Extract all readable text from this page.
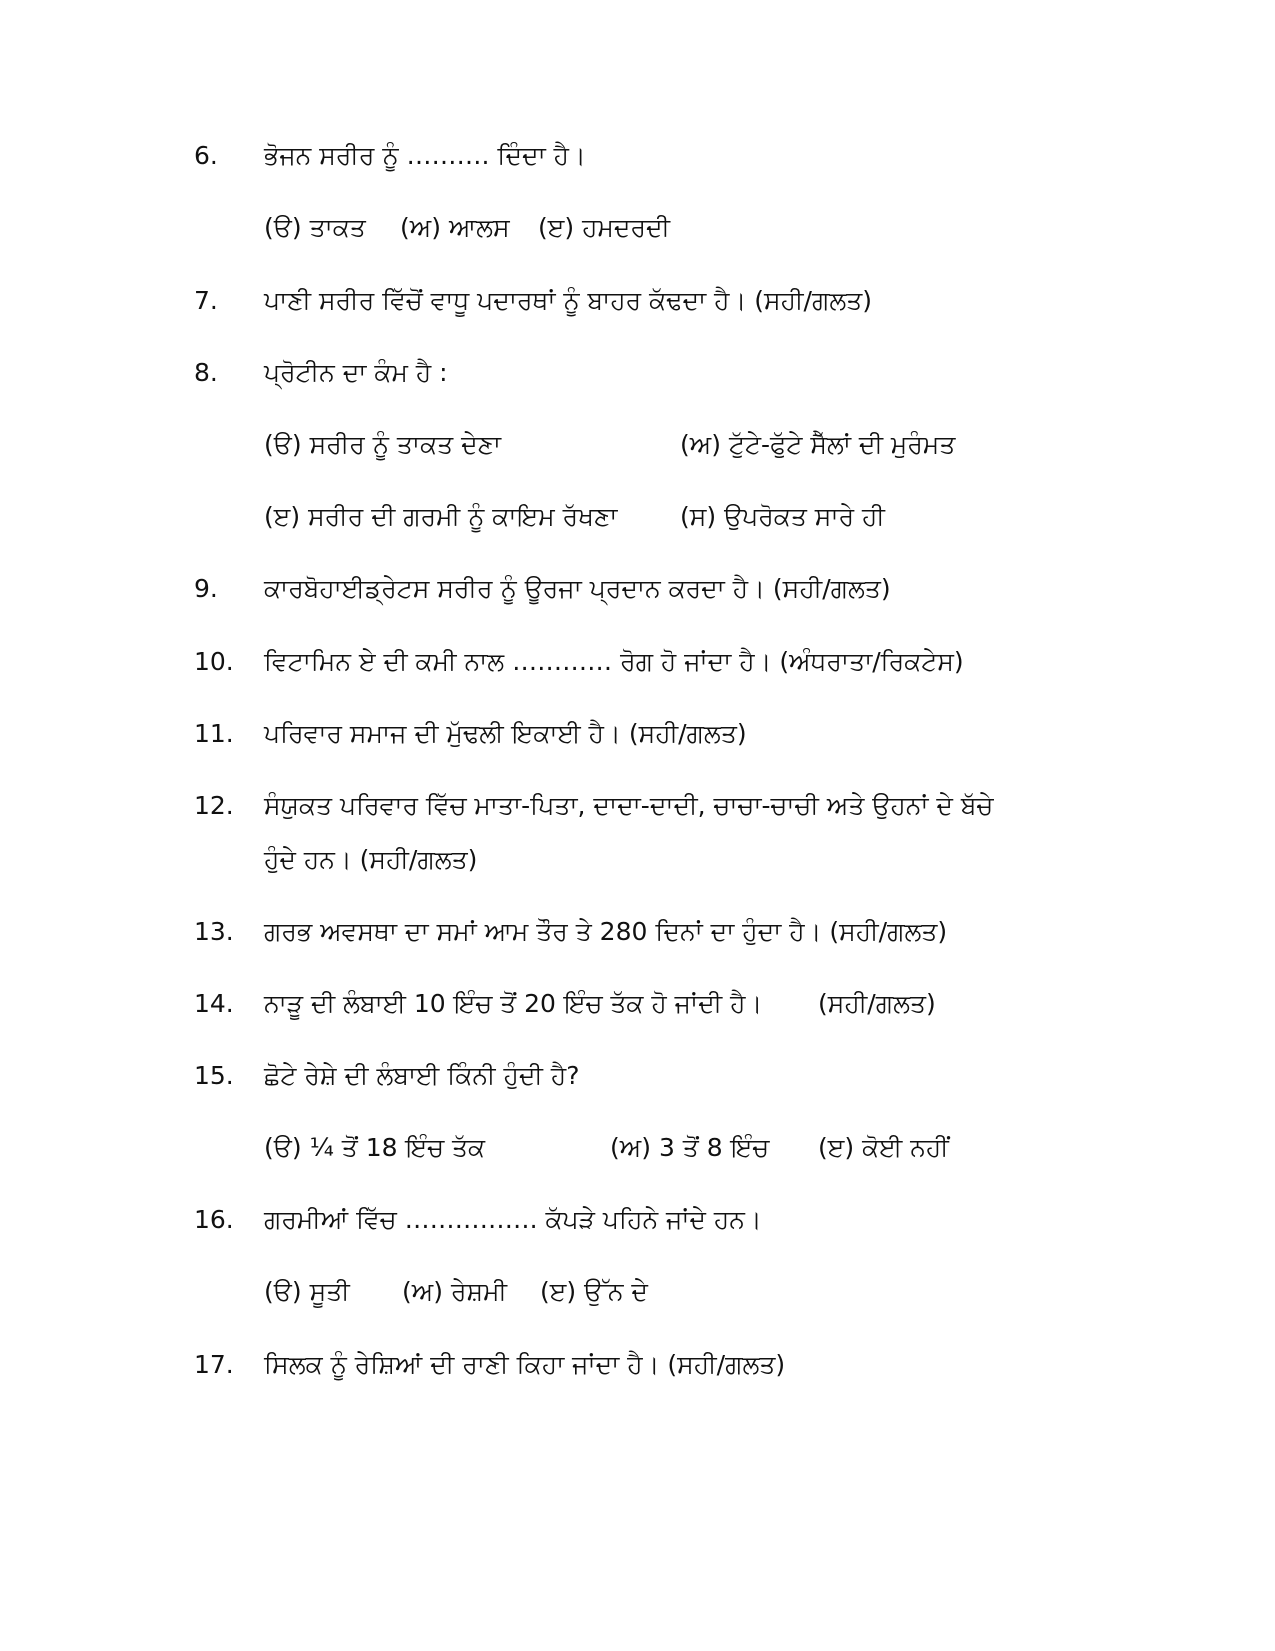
6. ਭੋਜਨ ਸਰੀਰ ਨੂੰ ………. ਦਿੰਦਾ ਹੈ।
(ੳ) ਤਾਕਤ (ਅ) ਆਲਸ (ੲ) ਹਮਦਰਦੀ
7. ਪਾਣੀ ਸਰੀਰ ਵਿੱਚੋਂ ਵਾਧੂ ਪਦਾਰਥਾਂ ਨੂੰ ਬਾਹਰ ਕੱਢਦਾ ਹੈ। (ਸਹੀ/ਗਲਤ)
8. ਪ੍ਰੋਟੀਨ ਦਾ ਕੰਮ ਹੈ :
(ੳ) ਸਰੀਰ ਨੂੰ ਤਾਕਤ ਦੇਣਾ	(ਅ) ਟੁੱਟੇ-ਫੁੱਟੇ ਸੈੱਲਾਂ ਦੀ ਮੁਰੰਮਤ
(ੲ) ਸਰੀਰ ਦੀ ਗਰਮੀ ਨੂੰ ਕਾਇਮ ਰੱਖਣਾ	(ਸ) ਉਪਰੋਕਤ ਸਾਰੇ ਹੀ
9. ਕਾਰਬੋਹਾਈਡ੍ਰੇਟਸ ਸਰੀਰ ਨੂੰ ਊਰਜਾ ਪ੍ਰਦਾਨ ਕਰਦਾ ਹੈ। (ਸਹੀ/ਗਲਤ)
10. ਵਿਟਾਮਿਨ ਏ ਦੀ ਕਮੀ ਨਾਲ ………… ਰੋਗ ਹੋ ਜਾਂਦਾ ਹੈ। (ਅੰਧਰਾਤਾ/ਰਿਕਟੇਸ)
11. ਪਰਿਵਾਰ ਸਮਾਜ ਦੀ ਮੁੱਢਲੀ ਇਕਾਈ ਹੈ। (ਸਹੀ/ਗਲਤ)
12. ਸੰਯੁਕਤ ਪਰਿਵਾਰ ਵਿੱਚ ਮਾਤਾ-ਪਿਤਾ, ਦਾਦਾ-ਦਾਦੀ, ਚਾਚਾ-ਚਾਚੀ ਅਤੇ ਉਹਨਾਂ ਦੇ ਬੱਚੇ
ਹੁੰਦੇ ਹਨ। (ਸਹੀ/ਗਲਤ)
13. ਗਰਭ ਅਵਸਥਾ ਦਾ ਸਮਾਂ ਆਮ ਤੌਰ ਤੇ 280 ਦਿਨਾਂ ਦਾ ਹੁੰਦਾ ਹੈ। (ਸਹੀ/ਗਲਤ)
14. ਨਾੜੂ ਦੀ ਲੰਬਾਈ 10 ਇੰਚ ਤੋਂ 20 ਇੰਚ ਤੱਕ ਹੋ ਜਾਂਦੀ ਹੈ। (ਸਹੀ/ਗਲਤ)
15. ਛੋਟੇ ਰੇਸ਼ੇ ਦੀ ਲੰਬਾਈ ਕਿੰਨੀ ਹੁੰਦੀ ਹੈ?
(ੳ) ¼ ਤੋਂ 18 ਇੰਚ ਤੱਕ	(ਅ) 3 ਤੋਂ 8 ਇੰਚ (ੲ) ਕੋਈ ਨਹੀਂ
16. ਗਰਮੀਆਂ ਵਿੱਚ ……………. ਕੱਪੜੇ ਪਹਿਨੇ ਜਾਂਦੇ ਹਨ।
(ੳ) ਸੂਤੀ (ਅ) ਰੇਸ਼ਮੀ (ੲ) ਉੱਨ ਦੇ
17. ਸਿਲਕ ਨੂੰ ਰੇਸ਼ਿਆਂ ਦੀ ਰਾਣੀ ਕਿਹਾ ਜਾਂਦਾ ਹੈ। (ਸਹੀ/ਗਲਤ)
